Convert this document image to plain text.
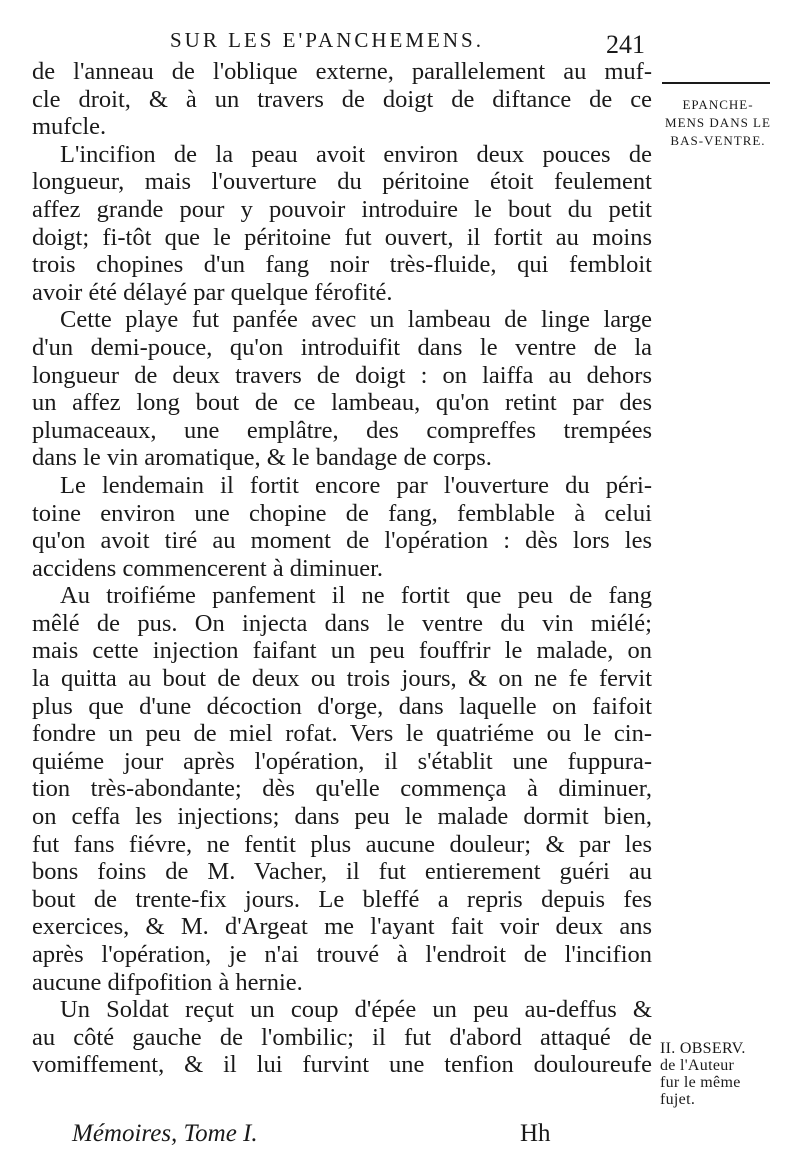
SUR LES E'PANCHEMENS.	241
de l'anneau de l'oblique externe, parallelement au muf-
cle droit, & à un travers de doigt de diftance de ce
mufcle.
L'incifion de la peau avoit environ deux pouces de
longueur, mais l'ouverture du péritoine étoit feulement
affez grande pour y pouvoir introduire le bout du petit
doigt; fi-tôt que le péritoine fut ouvert, il fortit au moins
trois chopines d'un fang noir très-fluide, qui fembloit
avoir été délayé par quelque férofité.
Cette playe fut panfée avec un lambeau de linge large
d'un demi-pouce, qu'on introduifit dans le ventre de la
longueur de deux travers de doigt : on laiffa au dehors
un affez long bout de ce lambeau, qu'on retint par des
plumaceaux, une emplâtre, des compreffes trempées
dans le vin aromatique, & le bandage de corps.
Le lendemain il fortit encore par l'ouverture du péri-
toine environ une chopine de fang, femblable à celui
qu'on avoit tiré au moment de l'opération : dès lors les
accidens commencerent à diminuer.
Au troifiéme panfement il ne fortit que peu de fang
mêlé de pus. On injecta dans le ventre du vin miélé;
mais cette injection faifant un peu fouffrir le malade, on
la quitta au bout de deux ou trois jours, & on ne fe fervit
plus que d'une décoction d'orge, dans laquelle on faifoit
fondre un peu de miel rofat. Vers le quatriéme ou le cin-
quiéme jour après l'opération, il s'établit une fuppura-
tion très-abondante; dès qu'elle commença à diminuer,
on ceffa les injections; dans peu le malade dormit bien,
fut fans fiévre, ne fentit plus aucune douleur; & par les
bons foins de M. Vacher, il fut entierement guéri au
bout de trente-fix jours. Le bleffé a repris depuis fes
exercices, & M. d'Argeat me l'ayant fait voir deux ans
après l'opération, je n'ai trouvé à l'endroit de l'incifion
aucune difpofition à hernie.
Un Soldat reçut un coup d'épée un peu au-deffus &
au côté gauche de l'ombilic; il fut d'abord attaqué de
vomiffement, & il lui furvint une tenfion douloureufe
EPANCHE-
MENS DANS LE
BAS-VENTRE.
II. OBSERV.
de l'Auteur
fur le même
fujet.
Mémoires, Tome I.	Hh
